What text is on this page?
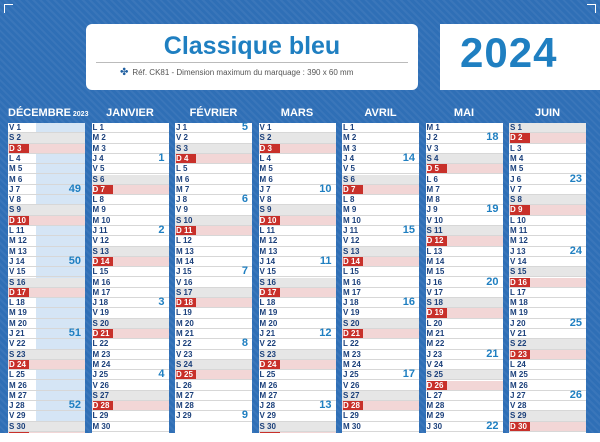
Classique bleu
✤ Réf. CK81 - Dimension maximum du marquage : 390 x 60 mm	2024
DÉCEMBRE 2023
V 1
S 2
D 3
L 4
M 5
M 6
J 7	49
V 8
S 9
D 10
L 11
M 12
M 13
J 14	50
V 15
S 16
D 17
L 18
M 19
M 20
J 21	51
V 22
S 23
D 24
L 25
M 26
M 27
J 28	52
V 29
S 30
JANVIER
L 1
M 2
M 3
J 4	1
V 5
S 6
D 7
L 8
M 9
M 10
J 11	2
V 12
S 13
D 14
L 15
M 16
M 17
J 18	3
V 19
S 20
D 21
L 22
M 23
M 24
J 25	4
V 26
S 27
D 28
L 29
M 30
FÉVRIER
J 1	5
V 2
S 3
D 4
L 5
M 6
M 7
J 8	6
V 9
S 10
D 11
L 12
M 13
M 14
J 15	7
V 16
S 17
D 18
L 19
M 20
M 21
J 22	8
V 23
S 24
D 25
L 26
M 27
M 28
J 29	9
MARS
V 1
S 2
D 3
L 4
M 5
M 6
J 7	10
V 8
S 9
D 10
L 11
M 12
M 13
J 14	11
V 15
S 16
D 17
L 18
M 19
M 20
J 21	12
V 22
S 23
D 24
L 25
M 26
M 27
J 28	13
V 29
S 30
AVRIL
L 1
M 2
M 3
J 4	14
V 5
S 6
D 7
L 8
M 9
M 10
J 11	15
V 12
S 13
D 14
L 15
M 16
M 17
J 18	16
V 19
S 20
D 21
L 22
M 23
M 24
J 25	17
V 26
S 27
D 28
L 29
M 30
MAI
M 1
J 2	18
V 3
S 4
D 5
L 6
M 7
M 8
J 9	19
V 10
S 11
D 12
L 13
M 14
M 15
J 16	20
V 17
S 18
D 19
L 20
M 21
M 22
J 23	21
V 24
S 25
D 26
L 27
M 28
M 29
J 30	22
JUIN
S 1
D 2
L 3
M 4
M 5
J 6	23
V 7
S 8
D 9
L 10
M 11
M 12
J 13	24
V 14
S 15
D 16
L 17
M 18
M 19
J 20	25
V 21
S 22
D 23
L 24
M 25
M 26
J 27	26
V 28
S 29
D 30
